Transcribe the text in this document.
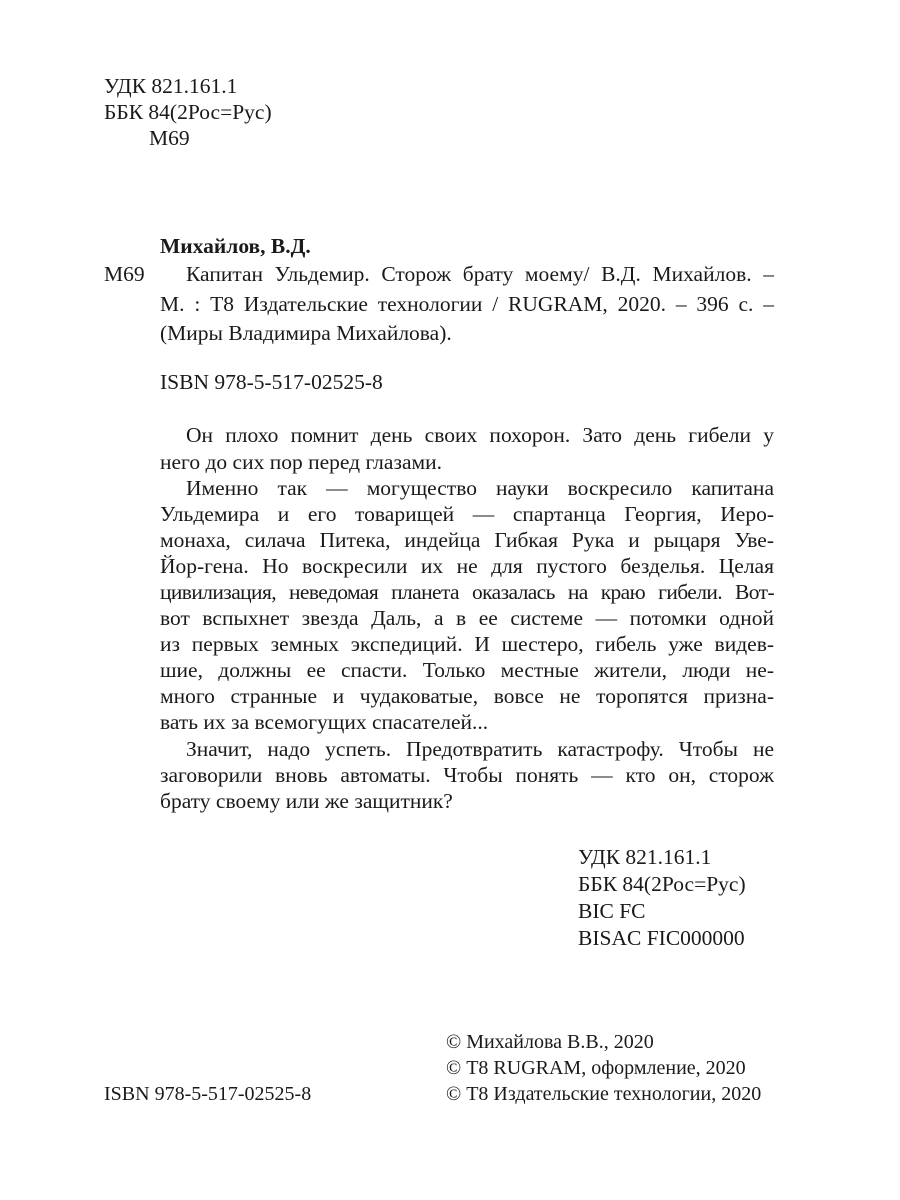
УДК 821.161.1
ББК 84(2Рос=Рус)
М69
Михайлов, В.Д.
М69 Капитан Ульдемир. Сторож брату моему/ В.Д. Михайлов. –
М. : Т8 Издательские технологии / RUGRAM, 2020. – 396 с. –
(Миры Владимира Михайлова).
ISBN 978-5-517-02525-8
Он плохо помнит день своих похорон. Зато день гибели у
него до сих пор перед глазами.
Именно так — могущество науки воскресило капитана
Ульдемира и его товарищей — спартанца Георгия, Иеро-
монаха, силача Питека, индейца Гибкая Рука и рыцаря Уве-
Йор-гена. Но воскресили их не для пустого безделья. Целая
цивилизация, неведомая планета оказалась на краю гибели. Вот-
вот вспыхнет звезда Даль, а в ее системе — потомки одной
из первых земных экспедиций. И шестеро, гибель уже видев-
шие, должны ее спасти. Только местные жители, люди не-
много странные и чудаковатые, вовсе не торопятся призна-
вать их за всемогущих спасателей...
Значит, надо успеть. Предотвратить катастрофу. Чтобы не
заговорили вновь автоматы. Чтобы понять — кто он, сторож
брату своему или же защитник?
УДК 821.161.1
ББК 84(2Рос=Рус)
BIC FC
BISAC FIC000000
© Михайлова В.В., 2020
© Т8 RUGRAM, оформление, 2020
ISBN 978-5-517-02525-8	© Т8 Издательские технологии, 2020
